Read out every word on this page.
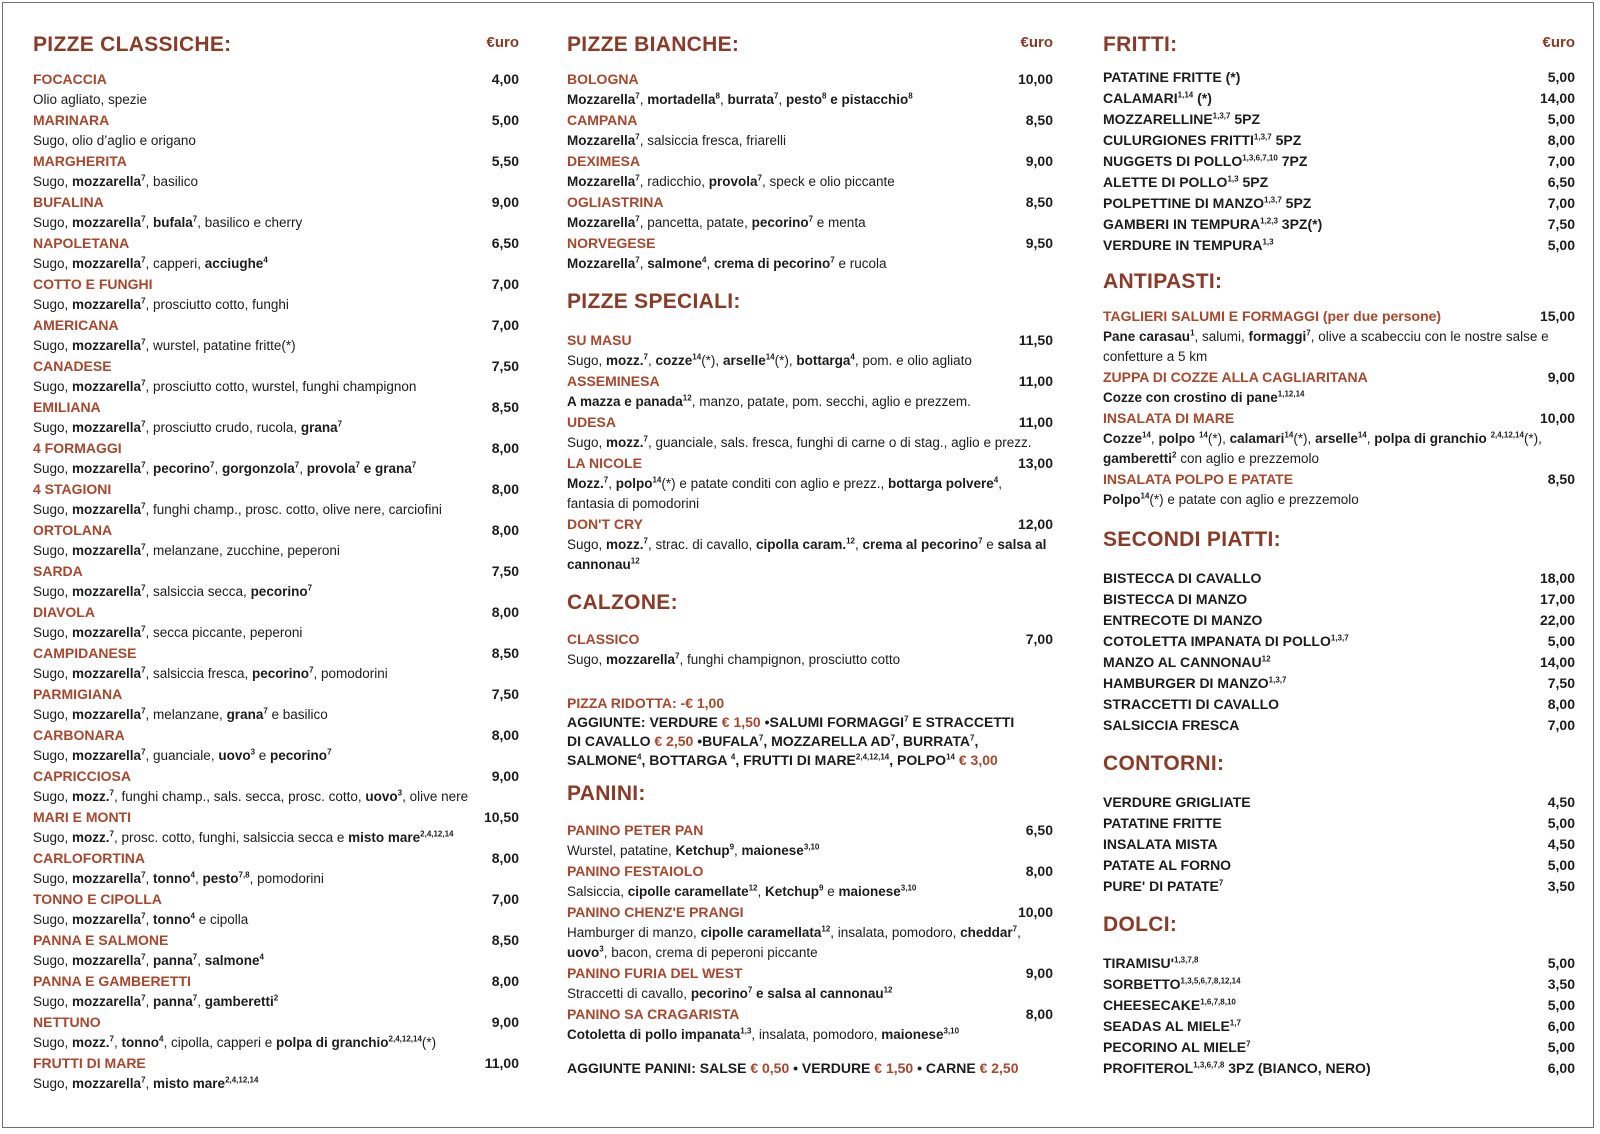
PIZZE CLASSICHE:	€uro
FOCACCIA	4,00
Olio agliato, spezie
MARINARA	5,00
Sugo, olio d’aglio e origano
MARGHERITA	5,50
Sugo, mozzarella$^7$, basilico
BUFALINA	9,00
Sugo, mozzarella$^7$, bufala$^7$, basilico e cherry
NAPOLETANA	6,50
Sugo, mozzarella$^7$, capperi, acciughe$^4$
COTTO E FUNGHI	7,00
Sugo, mozzarella$^7$, prosciutto cotto, funghi
AMERICANA	7,00
Sugo, mozzarella$^7$, wurstel, patatine fritte(*)
CANADESE	7,50
Sugo, mozzarella$^7$, prosciutto cotto, wurstel, funghi champignon
EMILIANA	8,50
Sugo, mozzarella$^7$, prosciutto crudo, rucola, grana$^7$
4 FORMAGGI	8,00
Sugo, mozzarella$^7$, pecorino$^7$, gorgonzola$^7$, provola$^7$ e grana$^7$
4 STAGIONI	8,00
Sugo, mozzarella$^7$, funghi champ., prosc. cotto, olive nere, carciofini
ORTOLANA	8,00
Sugo, mozzarella$^7$, melanzane, zucchine, peperoni
SARDA	7,50
Sugo, mozzarella$^7$, salsiccia secca, pecorino$^7$
DIAVOLA	8,00
Sugo, mozzarella$^7$, secca piccante, peperoni
CAMPIDANESE	8,50
Sugo, mozzarella$^7$, salsiccia fresca, pecorino$^7$, pomodorini
PARMIGIANA	7,50
Sugo, mozzarella$^7$, melanzane, grana$^7$ e basilico
CARBONARA	8,00
Sugo, mozzarella$^7$, guanciale, uovo$^3$ e pecorino$^7$
CAPRICCIOSA	9,00
Sugo, mozz.$^7$, funghi champ., sals. secca, prosc. cotto, uovo$^3$, olive nere
MARI E MONTI	10,50
Sugo, mozz.$^7$, prosc. cotto, funghi, salsiccia secca e misto mare$^{2,4,12,14}$
CARLOFORTINA	8,00
Sugo, mozzarella$^7$, tonno$^4$, pesto$^{7,8}$, pomodorini
TONNO E CIPOLLA	7,00
Sugo, mozzarella$^7$, tonno$^4$ e cipolla
PANNA E SALMONE	8,50
Sugo, mozzarella$^7$, panna$^7$, salmone$^4$
PANNA E GAMBERETTI	8,00
Sugo, mozzarella$^7$, panna$^7$, gamberetti$^2$
NETTUNO	9,00
Sugo, mozz.$^7$, tonno$^4$, cipolla, capperi e polpa di granchio$^{2,4,12,14}$(*)
FRUTTI DI MARE	11,00
Sugo, mozzarella$^7$, misto mare$^{2,4,12,14}$
PIZZE BIANCHE:	€uro
BOLOGNA	10,00
Mozzarella$^7$, mortadella$^8$, burrata$^7$, pesto$^8$ e pistacchio$^8$
CAMPANA	8,50
Mozzarella$^7$, salsiccia fresca, friarelli
DEXIMESA	9,00
Mozzarella$^7$, radicchio, provola$^7$, speck e olio piccante
OGLIASTRINA	8,50
Mozzarella$^7$, pancetta, patate, pecorino$^7$ e menta
NORVEGESE	9,50
Mozzarella$^7$, salmone$^4$, crema di pecorino$^7$ e rucola
PIZZE SPECIALI:
SU MASU	11,50
Sugo, mozz.$^7$, cozze$^{14}$(*), arselle$^{14}$(*), bottarga$^4$, pom. e olio agliato
ASSEMINESA	11,00
A mazza e panada$^{12}$, manzo, patate, pom. secchi, aglio e prezzem.
UDESA	11,00
Sugo, mozz.$^7$, guanciale, sals. fresca, funghi di carne o di stag., aglio e prezz.
LA NICOLE	13,00
Mozz.$^7$, polpo$^{14}$(*) e patate conditi con aglio e prezz., bottarga polvere$^4$, fantasia di pomodorini
DON'T CRY	12,00
Sugo, mozz.$^7$, strac. di cavallo, cipolla caram.$^{12}$, crema al pecorino$^7$ e salsa al cannonau$^{12}$
CALZONE:
CLASSICO	7,00
Sugo, mozzarella$^7$, funghi champignon, prosciutto cotto
PIZZA RIDOTTA: -€ 1,00
AGGIUNTE: VERDURE € 1,50 •SALUMI FORMAGGI$^7$ E STRACCETTI
DI CAVALLO € 2,50 •BUFALA$^7$, MOZZARELLA $AD^7$, BURRATA$^7$,
SALMONE$^4$, BOTTARGA $^4$, FRUTTI DI MARE$^{2,4,12,14}$, POLPO$^{14}$ € 3,00
PANINI:
PANINO PETER PAN	6,50
Wurstel, patatine, Ketchup$^9$, maionese$^{3,10}$
PANINO FESTAIOLO	8,00
Salsiccia, cipolle caramellate$^{12}$, Ketchup$^9$ e maionese$^{3,10}$
PANINO CHENZ'E PRANGI	10,00
Hamburger di manzo, cipolle caramellata$^{12}$, insalata, pomodoro, cheddar$^7$, uovo$^3$, bacon, crema di peperoni piccante
PANINO FURIA DEL WEST	9,00
Straccetti di cavallo, pecorino$^7$ e salsa al cannonau$^{12}$
PANINO SA CRAGARISTA	8,00
Cotoletta di pollo impanata$^{1,3}$, insalata, pomodoro, maionese$^{3,10}$
AGGIUNTE PANINI: SALSE € 0,50 • VERDURE € 1,50 • CARNE € 2,50
FRITTI:	€uro
PATATINE FRITTE (*)	5,00
CALAMARI$^{1,14}$ (*)	14,00
MOZZARELLINE$^{1,3,7}$ 5PZ	5,00
CULURGIONES FRITTI$^{1,3,7}$ 5PZ	8,00
NUGGETS DI POLLO$^{1,3,6,7,10}$ 7PZ	7,00
ALETTE DI POLLO$^{1,3}$ 5PZ	6,50
POLPETTINE DI MANZO$^{1,3,7}$ 5PZ	7,00
GAMBERI IN TEMPURA$^{1,2,3}$ 3PZ(*)	7,50
VERDURE IN TEMPURA$^{1,3}$	5,00
ANTIPASTI:
TAGLIERI SALUMI E FORMAGGI (per due persone)	15,00
Pane carasau$^1$, salumi, formaggi$^7$, olive a scabecciu con le nostre salse e confetture a 5 km
ZUPPA DI COZZE ALLA CAGLIARITANA	9,00
Cozze con crostino di pane$^{1,12,14}$
INSALATA DI MARE	10,00
Cozze$^{14}$, polpo $^{14}$(*), calamari$^{14}$(*), arselle$^{14}$, polpa di granchio $^{2,4,12,14}$(*), gamberetti$^2$ con aglio e prezzemolo
INSALATA POLPO E PATATE	8,50
Polpo$^{14}$(*) e patate con aglio e prezzemolo
SECONDI PIATTI:
BISTECCA DI CAVALLO	18,00
BISTECCA DI MANZO	17,00
ENTRECOTE DI MANZO	22,00
COTOLETTA IMPANATA DI POLLO$^{1,3,7}$	5,00
MANZO AL CANNONAU$^{12}$	14,00
HAMBURGER DI MANZO$^{1,3,7}$	7,50
STRACCETTI DI CAVALLO	8,00
SALSICCIA FRESCA	7,00
CONTORNI:
VERDURE GRIGLIATE	4,50
PATATINE FRITTE	5,00
INSALATA MISTA	4,50
PATATE AL FORNO	5,00
PURE' DI PATATE$^7$	3,50
DOLCI:
$TIRAMISU'^{1,3,7,8}$	5,00
SORBETTO$^{1,3,5,6,7,8,12,14}$	3,50
CHEESECAKE$^{1,6,7,8,10}$	5,00
SEADAS AL MIELE$^{1,7}$	6,00
PECORINO AL MIELE$^7$	5,00
PROFITEROL$^{1,3,6,7,8}$ 3PZ (BIANCO, NERO)	6,00
